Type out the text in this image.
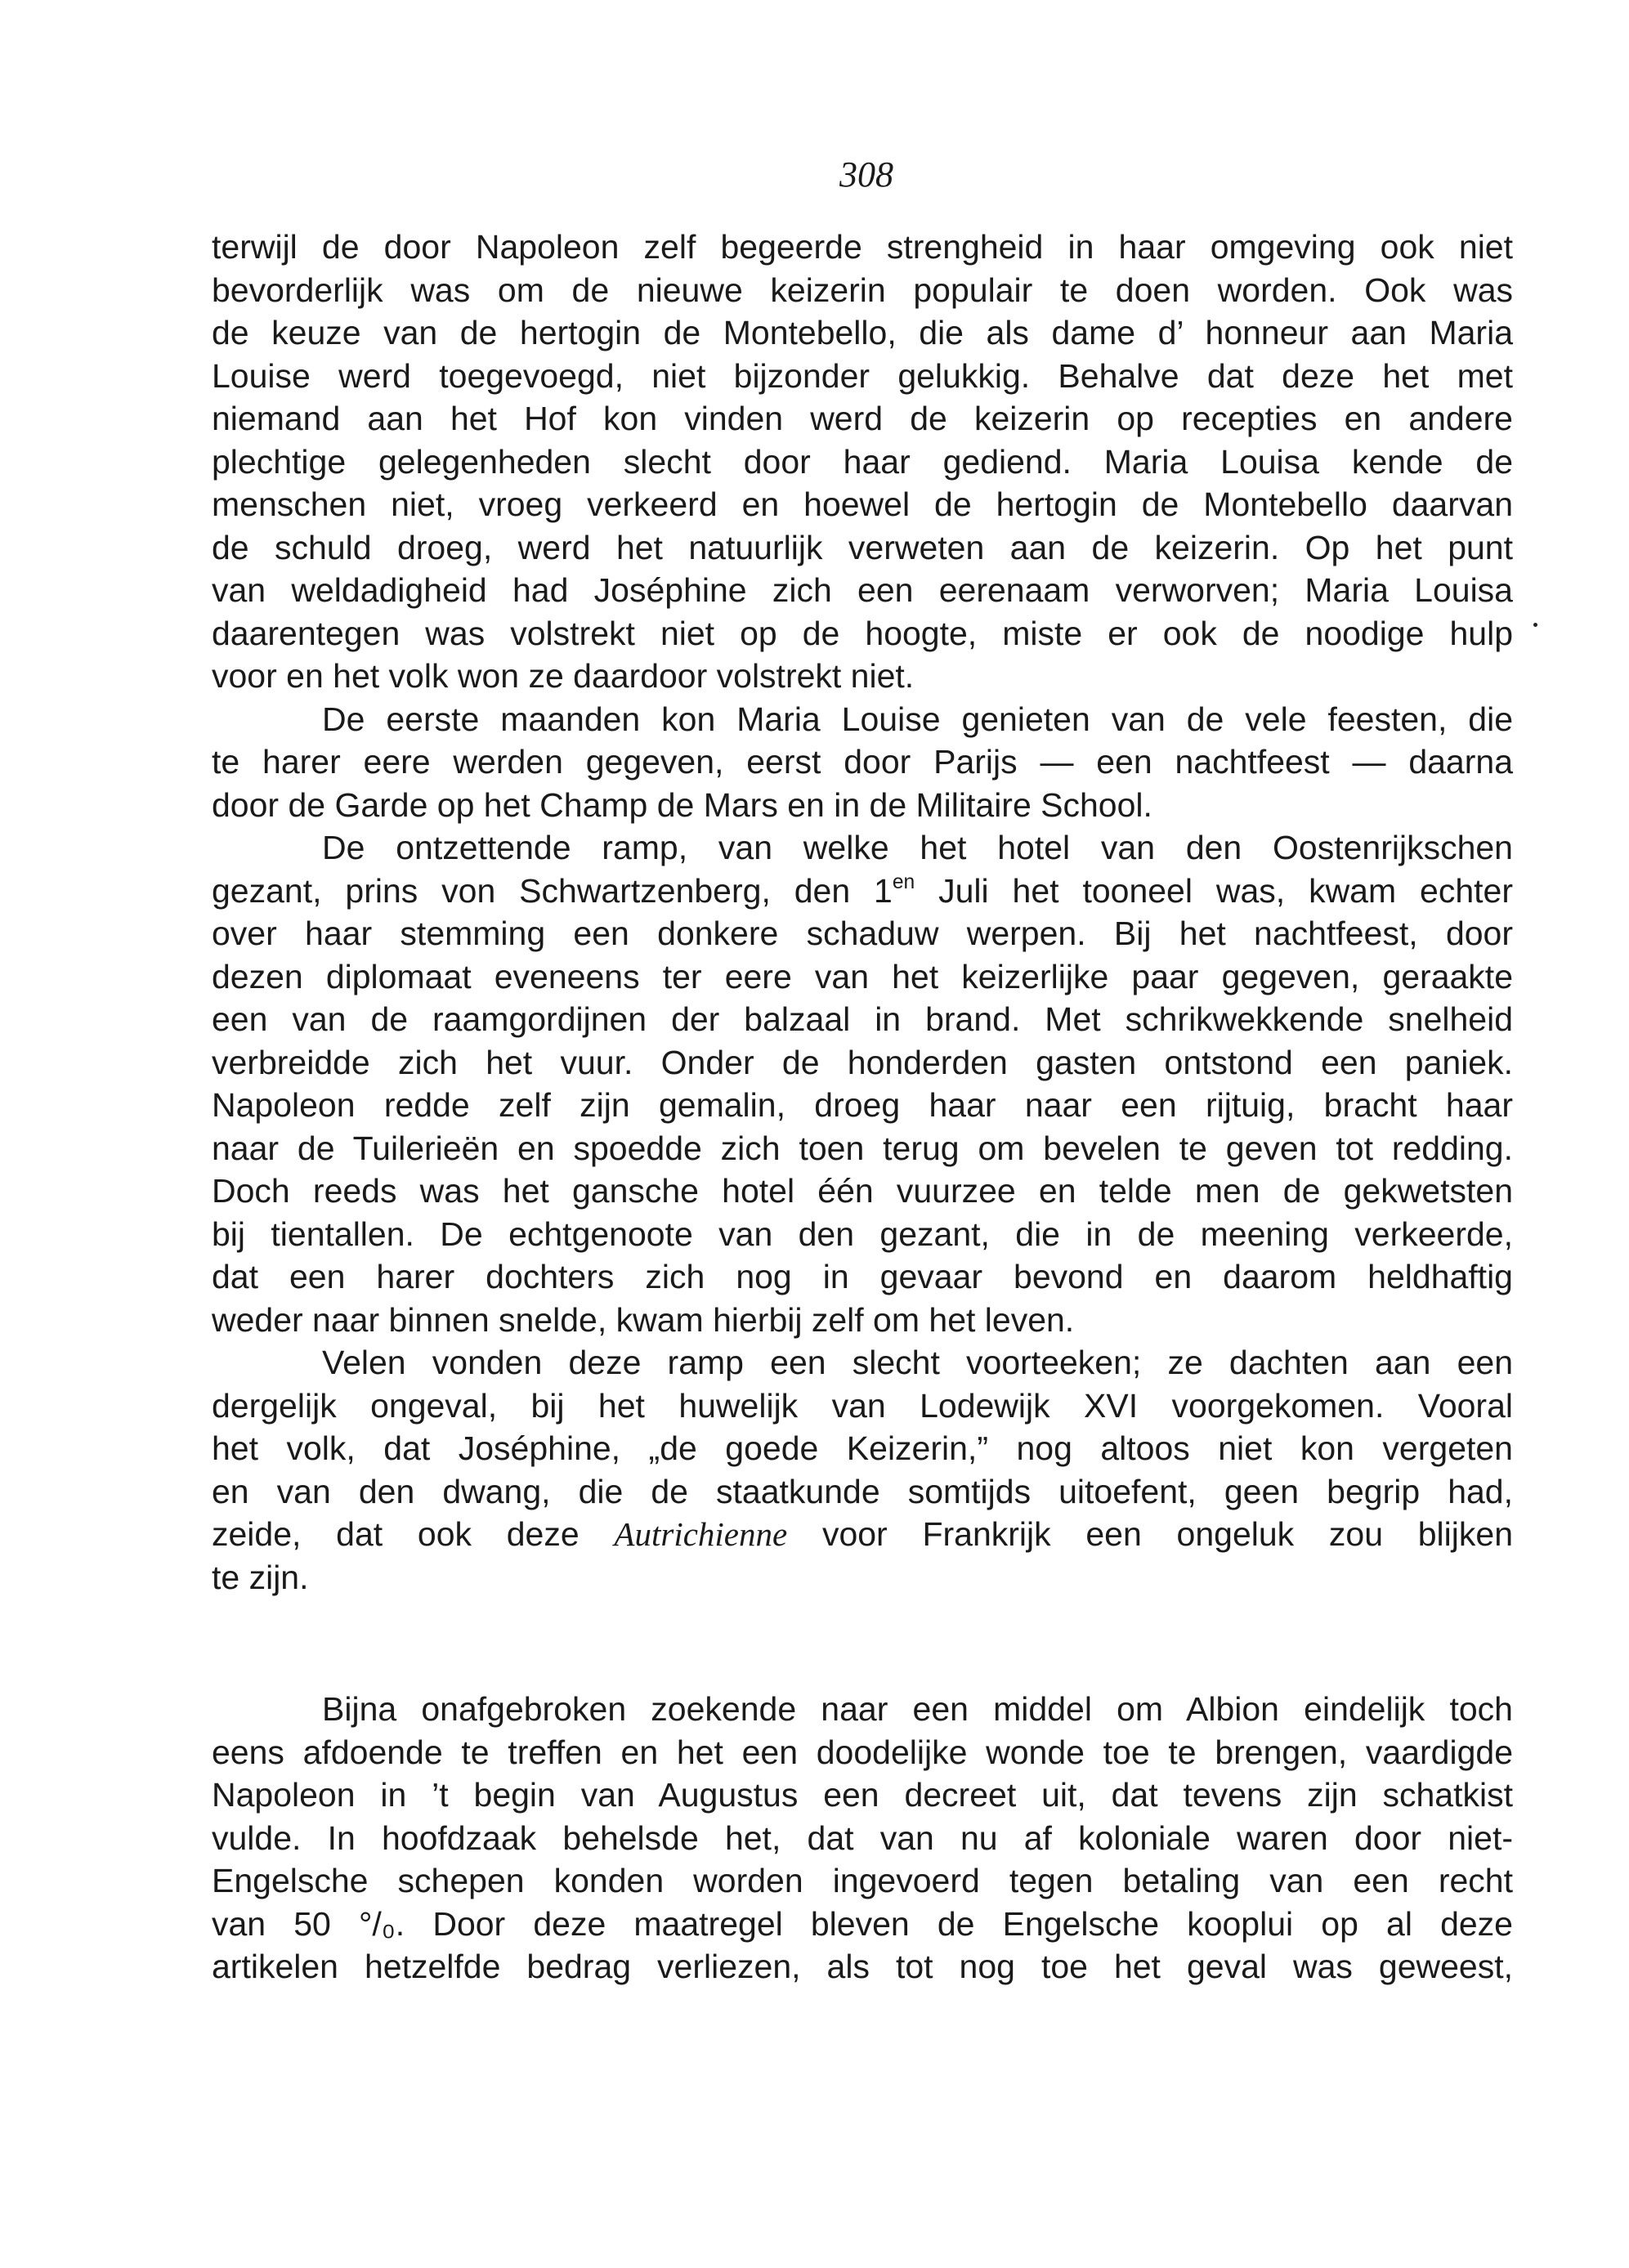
308
terwijl de door Napoleon zelf begeerde strengheid in haar omgeving ook niet
bevorderlijk was om de nieuwe keizerin populair te doen worden. Ook was
de keuze van de hertogin de Montebello, die als dame d’ honneur aan Maria
Louise werd toegevoegd, niet bijzonder gelukkig. Behalve dat deze het met
niemand aan het Hof kon vinden werd de keizerin op recepties en andere
plechtige gelegenheden slecht door haar gediend. Maria Louisa kende de
menschen niet, vroeg verkeerd en hoewel de hertogin de Montebello daarvan
de schuld droeg, werd het natuurlijk verweten aan de keizerin. Op het punt
van weldadigheid had Joséphine zich een eerenaam verworven; Maria Louisa
daarentegen was volstrekt niet op de hoogte, miste er ook de noodige hulp
voor en het volk won ze daardoor volstrekt niet.
De eerste maanden kon Maria Louise genieten van de vele feesten, die
te harer eere werden gegeven, eerst door Parijs — een nachtfeest — daarna
door de Garde op het Champ de Mars en in de Militaire School.
De ontzettende ramp, van welke het hotel van den Oostenrijkschen
gezant, prins von Schwartzenberg, den $1^{en}$ Juli het tooneel was, kwam echter
over haar stemming een donkere schaduw werpen. Bij het nachtfeest, door
dezen diplomaat eveneens ter eere van het keizerlijke paar gegeven, geraakte
een van de raamgordijnen der balzaal in brand. Met schrikwekkende snelheid
verbreidde zich het vuur. Onder de honderden gasten ontstond een paniek.
Napoleon redde zelf zijn gemalin, droeg haar naar een rijtuig, bracht haar
naar de Tuilerieën en spoedde zich toen terug om bevelen te geven tot redding.
Doch reeds was het gansche hotel één vuurzee en telde men de gekwetsten
bij tientallen. De echtgenoote van den gezant, die in de meening verkeerde,
dat een harer dochters zich nog in gevaar bevond en daarom heldhaftig
weder naar binnen snelde, kwam hierbij zelf om het leven.
Velen vonden deze ramp een slecht voorteeken; ze dachten aan een
dergelijk ongeval, bij het huwelijk van Lodewijk XVI voorgekomen. Vooral
het volk, dat Joséphine, „de goede Keizerin,” nog altoos niet kon vergeten
en van den dwang, die de staatkunde somtijds uitoefent, geen begrip had,
zeide, dat ook deze Autrichienne voor Frankrijk een ongeluk zou blijken
te zijn.
Bijna onafgebroken zoekende naar een middel om Albion eindelijk toch
eens afdoende te treffen en het een doodelijke wonde toe te brengen, vaardigde
Napoleon in ’t begin van Augustus een decreet uit, dat tevens zijn schatkist
vulde. In hoofdzaak behelsde het, dat van nu af koloniale waren door niet-
Engelsche schepen konden worden ingevoerd tegen betaling van een recht
van 50 °/₀. Door deze maatregel bleven de Engelsche kooplui op al deze
artikelen hetzelfde bedrag verliezen, als tot nog toe het geval was geweest,
